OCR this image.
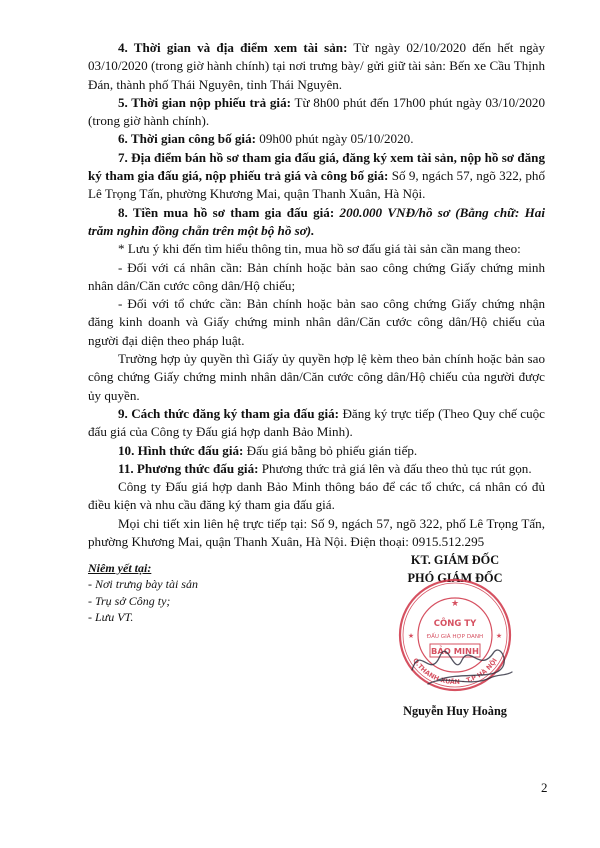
4. Thời gian và địa điểm xem tài sản: Từ ngày 02/10/2020 đến hết ngày 03/10/2020 (trong giờ hành chính) tại nơi trưng bày/ gửi giữ tài sản: Bến xe Cầu Thịnh Đán, thành phố Thái Nguyên, tỉnh Thái Nguyên.

5. Thời gian nộp phiếu trả giá: Từ 8h00 phút đến 17h00 phút ngày 03/10/2020 (trong giờ hành chính).

6. Thời gian công bố giá: 09h00 phút ngày 05/10/2020.

7. Địa điểm bán hồ sơ tham gia đấu giá, đăng ký xem tài sản, nộp hồ sơ đăng ký tham gia đấu giá, nộp phiếu trả giá và công bố giá: Số 9, ngách 57, ngõ 322, phố Lê Trọng Tấn, phường Khương Mai, quận Thanh Xuân, Hà Nội.

8. Tiền mua hồ sơ tham gia đấu giá: 200.000 VNĐ/hồ sơ (Bằng chữ: Hai trăm nghìn đồng chẵn trên một bộ hồ sơ).

* Lưu ý khi đến tìm hiểu thông tin, mua hồ sơ đấu giá tài sản cần mang theo:

- Đối với cá nhân cần: Bản chính hoặc bản sao công chứng Giấy chứng minh nhân dân/Căn cước công dân/Hộ chiếu;

- Đối với tổ chức cần: Bản chính hoặc bản sao công chứng Giấy chứng nhận đăng kinh doanh và Giấy chứng minh nhân dân/Căn cước công dân/Hộ chiếu của người đại diện theo pháp luật.

Trường hợp ủy quyền thì Giấy ủy quyền hợp lệ kèm theo bản chính hoặc bản sao công chứng Giấy chứng minh nhân dân/Căn cước công dân/Hộ chiếu của người được ủy quyền.

9. Cách thức đăng ký tham gia đấu giá: Đăng ký trực tiếp (Theo Quy chế cuộc đấu giá của Công ty Đấu giá hợp danh Bảo Minh).

10. Hình thức đấu giá: Đấu giá bằng bỏ phiếu gián tiếp.

11. Phương thức đấu giá: Phương thức trả giá lên và đấu theo thủ tục rút gọn.

Công ty Đấu giá hợp danh Bảo Minh thông báo để các tổ chức, cá nhân có đủ điều kiện và nhu cầu đăng ký tham gia đấu giá.

Mọi chi tiết xin liên hệ trực tiếp tại: Số 9, ngách 57, ngõ 322, phố Lê Trọng Tấn, phường Khương Mai, quận Thanh Xuân, Hà Nội. Điện thoại: 0915.512.295

Niêm yết tại:
- Nơi trưng bày tài sản
- Trụ sở Công ty;
- Lưu VT.
KT. GIÁM ĐỐC
PHÓ GIÁM ĐỐC
★
★	★
CÔNG TY
ĐẤU GIÁ HỢP DANH
BẢO MINH
Q.THANH XUÂN - T.P HÀ NỘI
Nguyễn Huy Hoàng
2
